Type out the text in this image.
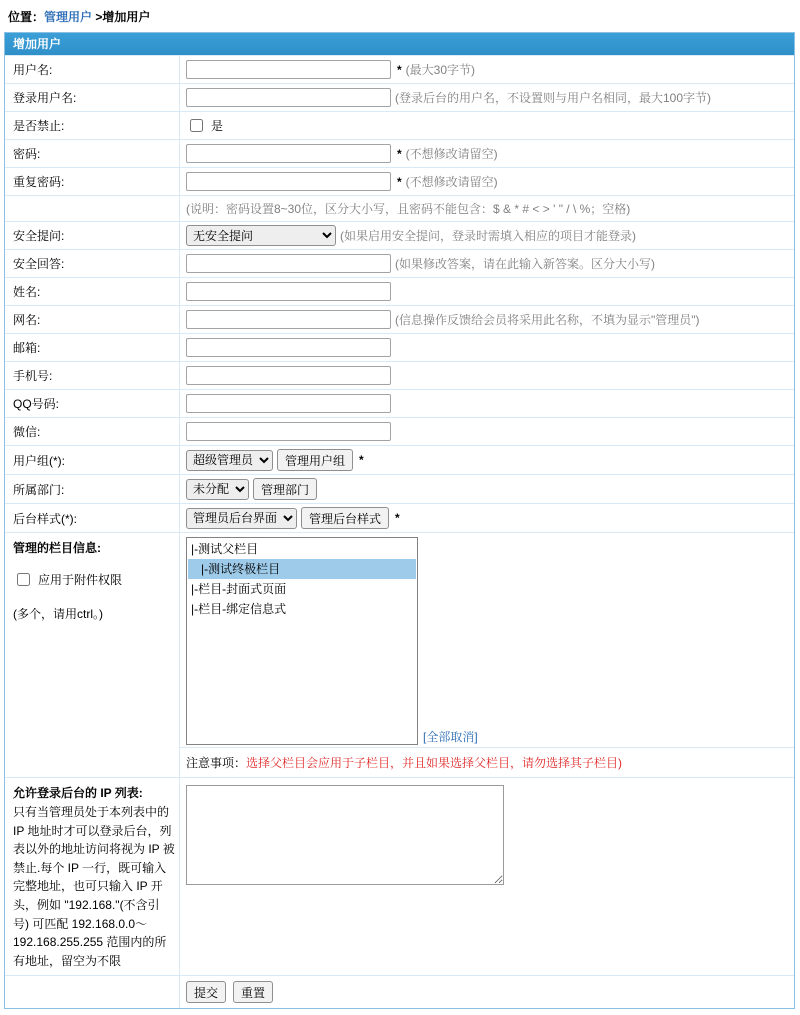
位置：管理用户 >增加用户
增加用户
用户名:	* (最大30字节)
登录用户名:	(登录后台的用户名，不设置则与用户名相同，最大100字节)
是否禁止:	是
密码:	* (不想修改请留空)
重复密码:	* (不想修改请留空)
(说明：密码设置8~30位，区分大小写，且密码不能包含：$ & * # < > ' " / \ %；空格)
安全提问:
无安全提问	(如果启用安全提问，登录时需填入相应的项目才能登录)
安全回答:	(如果修改答案，请在此输入新答案。区分大小写)
姓名:
网名:	(信息操作反馈给会员将采用此名称，不填为显示"管理员")
邮箱:
手机号:
QQ号码:
微信:
用户组(*):
超级管理员	管理用户组	*
所属部门:
未分配	管理部门
后台样式(*):
管理员后台界面	管理后台样式	*
管理的栏目信息:
应用于附件权限
(多个，请用ctrl。)
|-测试父栏目
|-测试终极栏目
|-栏目-封面式页面
|-栏目-绑定信息式
[全部取消]
注意事项：选择父栏目会应用于子栏目，并且如果选择父栏目，请勿选择其子栏目)
允许登录后台的 IP 列表:
只有当管理员处于本列表中的 IP 地址时才可以登录后台，列表以外的地址访问将视为 IP 被禁止.每个 IP 一行，既可输入完整地址，也可只输入 IP 开头，例如 "192.168."(不含引号) 可匹配 192.168.0.0～192.168.255.255 范围内的所有地址，留空为不限
提交	重置
